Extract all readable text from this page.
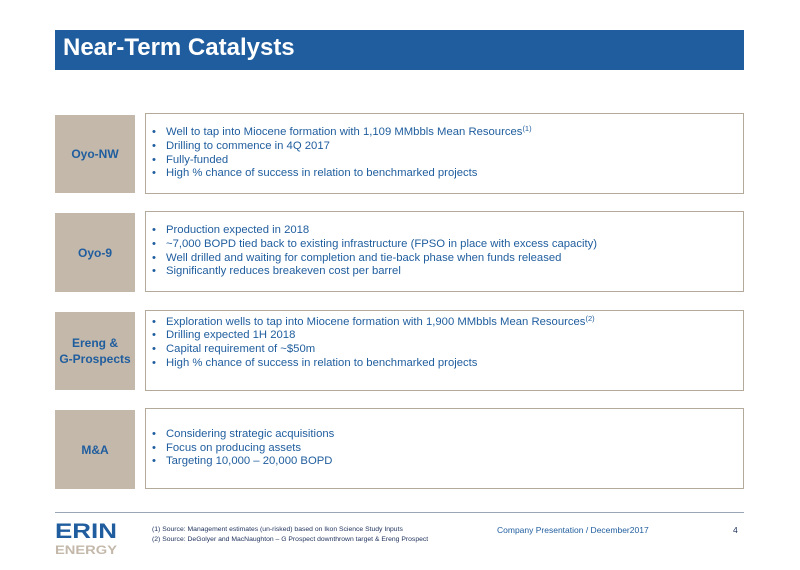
Near-Term Catalysts
Oyo-NW
• Well to tap into Miocene formation with 1,109 MMbbls Mean Resources$^{(1)}$
• Drilling to commence in 4Q 2017
• Fully-funded
• High % chance of success in relation to benchmarked projects
Oyo-9
• Production expected in 2018
• ~7,000 BOPD tied back to existing infrastructure (FPSO in place with excess capacity)
• Well drilled and waiting for completion and tie-back phase when funds released
• Significantly reduces breakeven cost per barrel
Ereng &
G-Prospects
• Exploration wells to tap into Miocene formation with 1,900 MMbbls Mean Resources$^{(2)}$
• Drilling expected 1H 2018
• Capital requirement of ~$50m
• High % chance of success in relation to benchmarked projects
M&A
• Considering strategic acquisitions
• Focus on producing assets
• Targeting 10,000 – 20,000 BOPD
ERIN
ENERGY
(1) Source: Management estimates (un-risked) based on Ikon Science Study Inputs
(2) Source: DeGolyer and MacNaughton – G Prospect downthrown target & Ereng Prospect
Company Presentation / December2017	4
